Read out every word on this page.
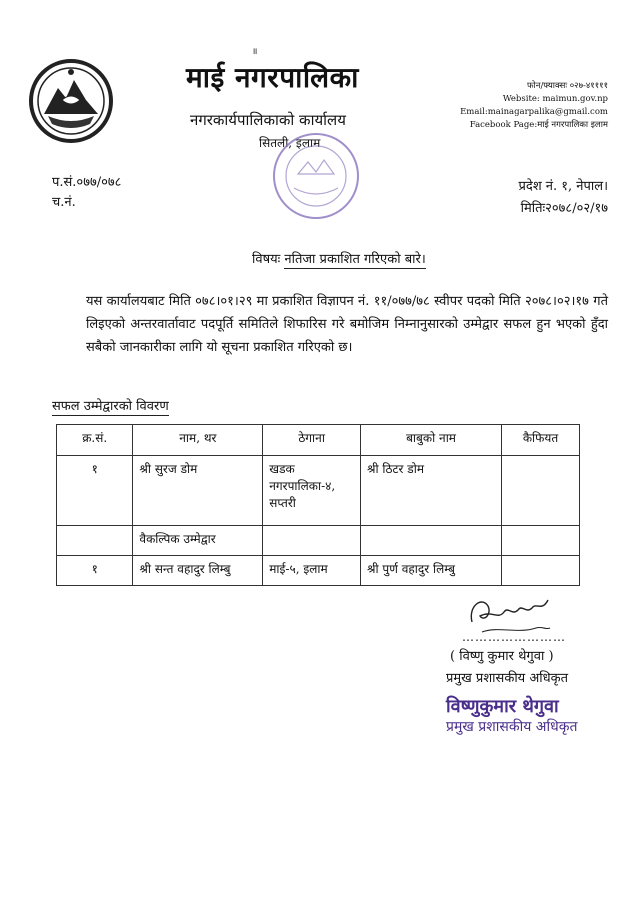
॥
माई नगरपालिका
नगरकार्यपालिकाको कार्यालय
सितली, इलाम
फोन/फ्याक्सः ०२७-४११११
Website: maimun.gov.np
Email:mainagarpalika@gmail.com
Facebook Page:माई नगरपालिका इलाम
प.सं.०७७/०७८
च.नं.
प्रदेश नं. १, नेपाल।
मितिः२०७८/०२/१७
विषयः नतिजा प्रकाशित गरिएको बारे।
यस कार्यालयबाट मिति ०७८।०१।२९ मा प्रकाशित विज्ञापन नं. ११/०७७/७८ स्वीपर पदको मिति २०७८।०२।१७ गते लिइएको अन्तरवार्तावाट पदपूर्ति समितिले शिफारिस गरे बमोजिम निम्नानुसारको उम्मेद्वार सफल हुन भएको हुँदा सबैको जानकारीका लागि यो सूचना प्रकाशित गरिएको छ।
सफल उम्मेद्वारको विवरण
क्र.सं.	नाम, थर	ठेगाना	बाबुको नाम	कैफियत
१	श्री सुरज डोम	खडक नगरपालिका-४, सप्तरी	श्री ठिटर डोम	
	वैकल्पिक उम्मेद्वार			
१	श्री सन्त वहादुर लिम्बु	माई-५, इलाम	श्री पुर्ण वहादुर लिम्बु	
……………………
( विष्णु कुमार थेगुवा )
प्रमुख प्रशासकीय अधिकृत
विष्णुकुमार थेगुवा
प्रमुख प्रशासकीय अधिकृत
